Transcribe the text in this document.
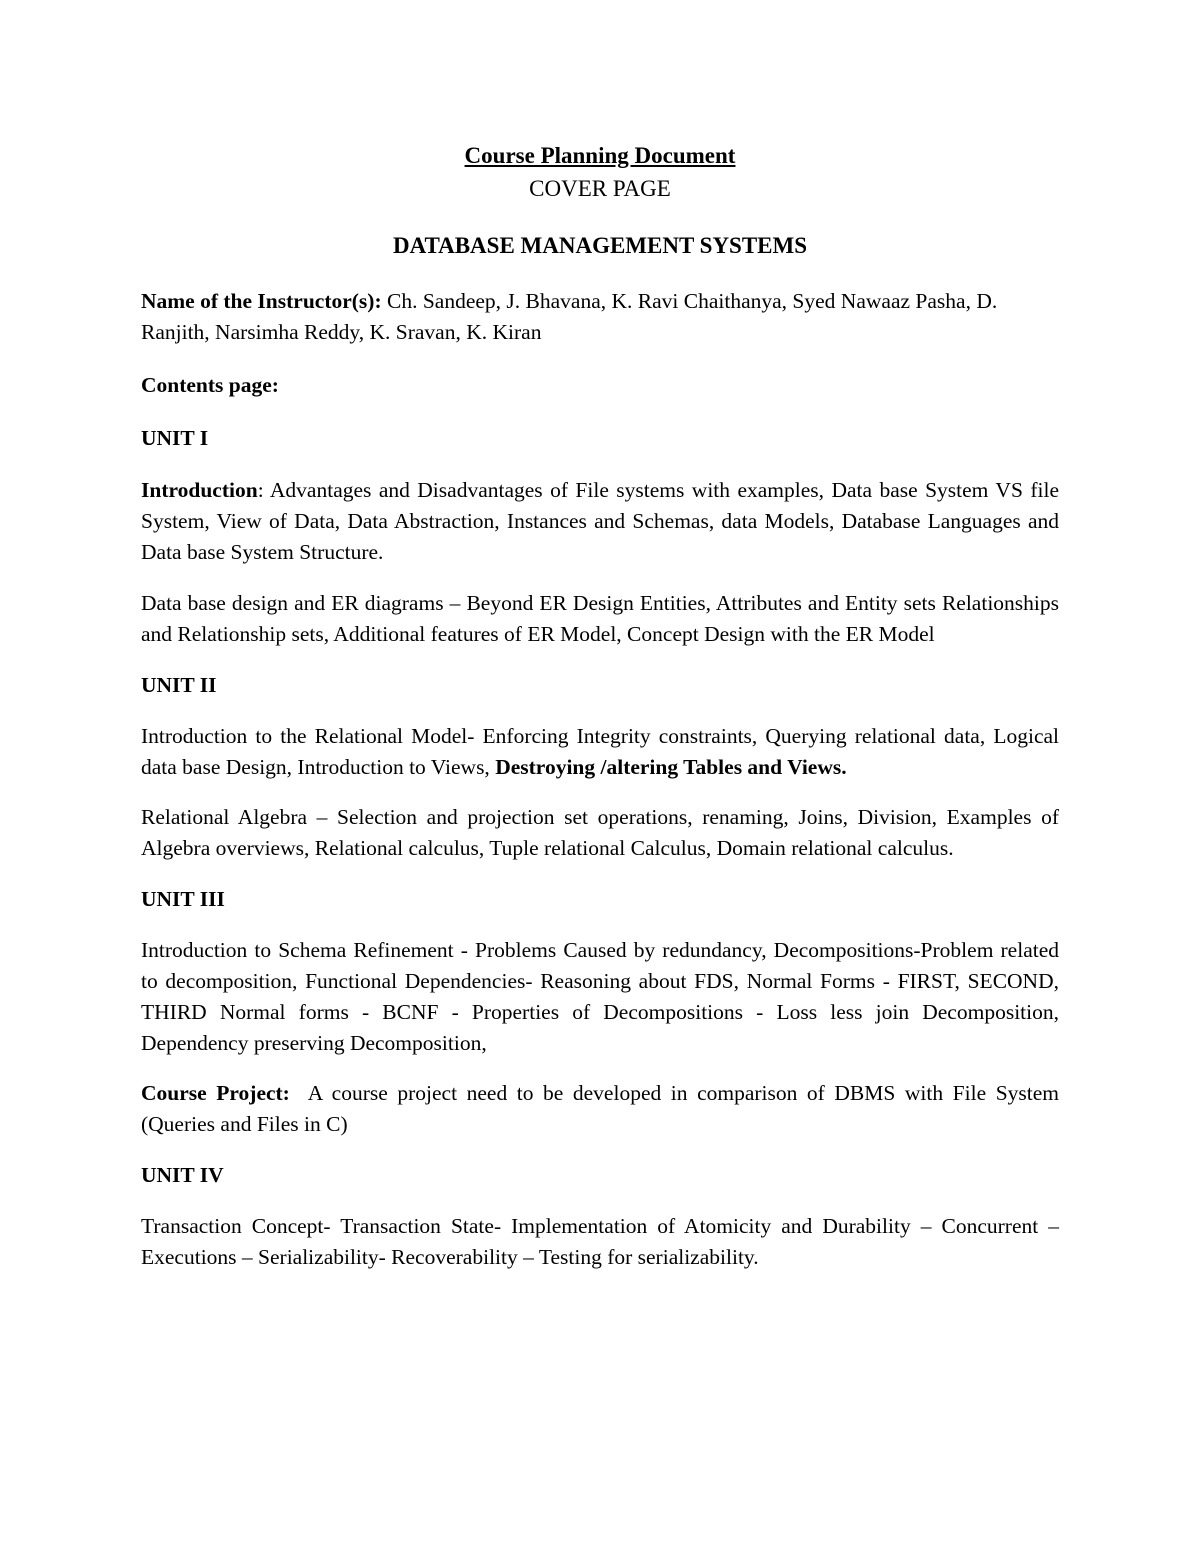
Course Planning Document
COVER PAGE
DATABASE MANAGEMENT SYSTEMS

Name of the Instructor(s): Ch. Sandeep, J. Bhavana, K. Ravi Chaithanya, Syed Nawaaz Pasha, D. Ranjith, Narsimha Reddy, K. Sravan, K. Kiran

Contents page:

UNIT I

Introduction: Advantages and Disadvantages of File systems with examples, Data base System VS file System, View of Data, Data Abstraction, Instances and Schemas, data Models, Database Languages and Data base System Structure.

Data base design and ER diagrams – Beyond ER Design Entities, Attributes and Entity sets Relationships and Relationship sets, Additional features of ER Model, Concept Design with the ER Model

UNIT II

Introduction to the Relational Model- Enforcing Integrity constraints, Querying relational data, Logical data base Design, Introduction to Views, Destroying /altering Tables and Views.

Relational Algebra – Selection and projection set operations, renaming, Joins, Division, Examples of Algebra overviews, Relational calculus, Tuple relational Calculus, Domain relational calculus.

UNIT III

Introduction to Schema Refinement - Problems Caused by redundancy, Decompositions-Problem related to decomposition, Functional Dependencies- Reasoning about FDS, Normal Forms - FIRST, SECOND, THIRD Normal forms - BCNF - Properties of Decompositions - Loss less join Decomposition, Dependency preserving Decomposition,

Course Project:  A course project need to be developed in comparison of DBMS with File System (Queries and Files in C)

UNIT IV

Transaction Concept- Transaction State- Implementation of Atomicity and Durability – Concurrent – Executions – Serializability- Recoverability – Testing for serializability.
